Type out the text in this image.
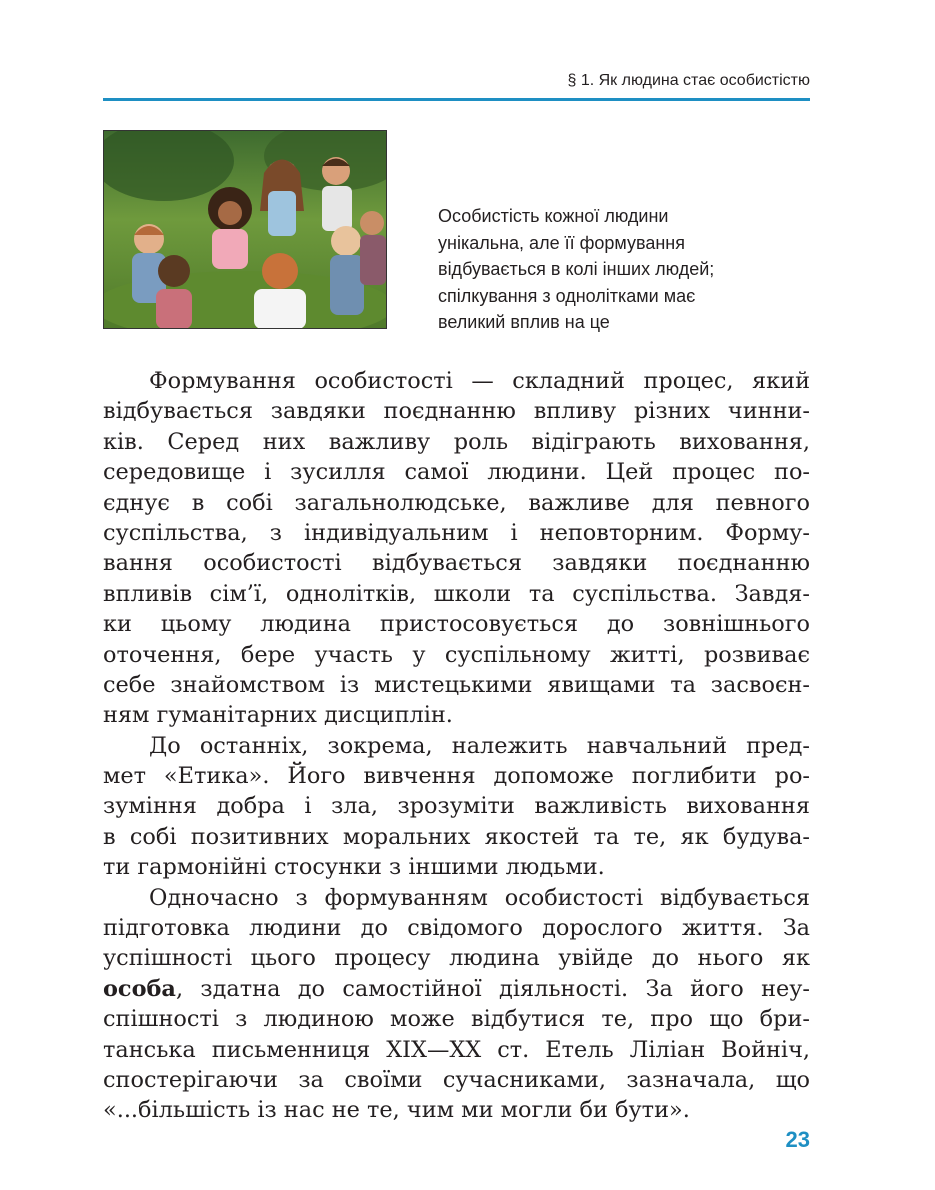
§ 1. Як людина стає особистістю
Особистість кожної людини
унікальна, але її формування
відбувається в колі інших людей;
спілкування з однолітками має
великий вплив на це
Формування особистості — складний процес, який
відбувається завдяки поєднанню впливу різних чинни-
ків. Серед них важливу роль відіграють виховання,
середовище і зусилля самої людини. Цей процес по-
єднує в собі загальнолюдське, важливе для певного
суспільства, з індивідуальним і неповторним. Форму-
вання особистості відбувається завдяки поєднанню
впливів сім’ї, однолітків, школи та суспільства. Завдя-
ки цьому людина пристосовується до зовнішнього
оточення, бере участь у суспільному житті, розвиває
себе знайомством із мистецькими явищами та засвоєн-
ням гуманітарних дисциплін.
До останніх, зокрема, належить навчальний пред-
мет «Етика». Його вивчення допоможе поглибити ро-
зуміння добра і зла, зрозуміти важливість виховання
в собі позитивних моральних якостей та те, як будува-
ти гармонійні стосунки з іншими людьми.
Одночасно з формуванням особистості відбувається
підготовка людини до свідомого дорослого життя. За
успішності цього процесу людина увійде до нього як
особа, здатна до самостійної діяльності. За його неу-
спішності з людиною може відбутися те, про що бри-
танська письменниця XIX—XX ст. Етель Ліліан Войніч,
спостерігаючи за своїми сучасниками, зазначала, що
«...більшість із нас не те, чим ми могли би бути».
23
